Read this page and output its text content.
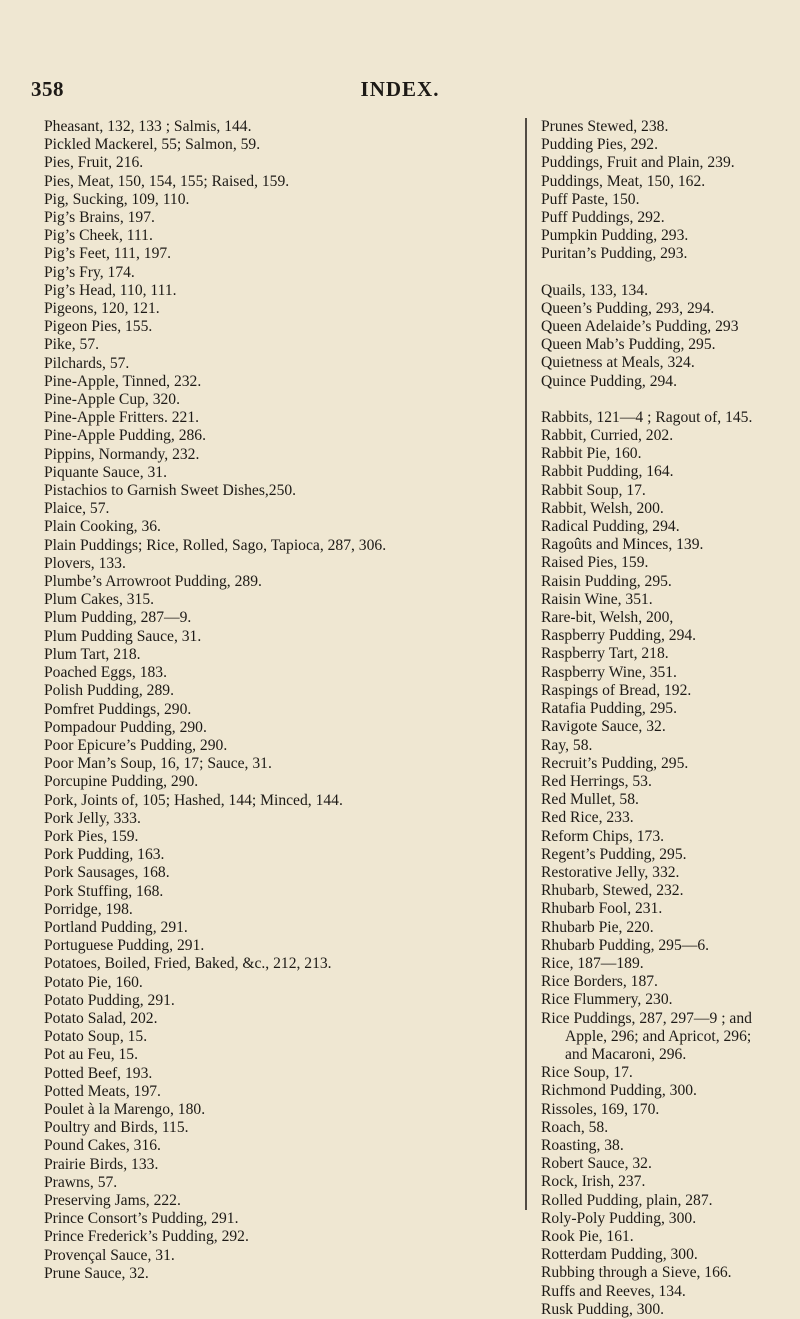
358	INDEX.
Pheasant, 132, 133 ; Salmis, 144.
Pickled Mackerel, 55; Salmon, 59.
Pies, Fruit, 216.
Pies, Meat, 150, 154, 155; Raised, 159.
Pig, Sucking, 109, 110.
Pig’s Brains, 197.
Pig’s Cheek, 111.
Pig’s Feet, 111, 197.
Pig’s Fry, 174.
Pig’s Head, 110, 111.
Pigeons, 120, 121.
Pigeon Pies, 155.
Pike, 57.
Pilchards, 57.
Pine-Apple, Tinned, 232.
Pine-Apple Cup, 320.
Pine-Apple Fritters. 221.
Pine-Apple Pudding, 286.
Pippins, Normandy, 232.
Piquante Sauce, 31.
Pistachios to Garnish Sweet Dishes,250.
Plaice, 57.
Plain Cooking, 36.
Plain Puddings; Rice, Rolled, Sago, Tapioca, 287, 306.
Plovers, 133.
Plumbe’s Arrowroot Pudding, 289.
Plum Cakes, 315.
Plum Pudding, 287—9.
Plum Pudding Sauce, 31.
Plum Tart, 218.
Poached Eggs, 183.
Polish Pudding, 289.
Pomfret Puddings, 290.
Pompadour Pudding, 290.
Poor Epicure’s Pudding, 290.
Poor Man’s Soup, 16, 17; Sauce, 31.
Porcupine Pudding, 290.
Pork, Joints of, 105; Hashed, 144; Minced, 144.
Pork Jelly, 333.
Pork Pies, 159.
Pork Pudding, 163.
Pork Sausages, 168.
Pork Stuffing, 168.
Porridge, 198.
Portland Pudding, 291.
Portuguese Pudding, 291.
Potatoes, Boiled, Fried, Baked, &c., 212, 213.
Potato Pie, 160.
Potato Pudding, 291.
Potato Salad, 202.
Potato Soup, 15.
Pot au Feu, 15.
Potted Beef, 193.
Potted Meats, 197.
Poulet à la Marengo, 180.
Poultry and Birds, 115.
Pound Cakes, 316.
Prairie Birds, 133.
Prawns, 57.
Preserving Jams, 222.
Prince Consort’s Pudding, 291.
Prince Frederick’s Pudding, 292.
Provençal Sauce, 31.
Prune Sauce, 32.
Prunes Stewed, 238.
Pudding Pies, 292.
Puddings, Fruit and Plain, 239.
Puddings, Meat, 150, 162.
Puff Paste, 150.
Puff Puddings, 292.
Pumpkin Pudding, 293.
Puritan’s Pudding, 293.
Quails, 133, 134.
Queen’s Pudding, 293, 294.
Queen Adelaide’s Pudding, 293
Queen Mab’s Pudding, 295.
Quietness at Meals, 324.
Quince Pudding, 294.
Rabbits, 121—4 ; Ragout of, 145.
Rabbit, Curried, 202.
Rabbit Pie, 160.
Rabbit Pudding, 164.
Rabbit Soup, 17.
Rabbit, Welsh, 200.
Radical Pudding, 294.
Ragoûts and Minces, 139.
Raised Pies, 159.
Raisin Pudding, 295.
Raisin Wine, 351.
Rare-bit, Welsh, 200,
Raspberry Pudding, 294.
Raspberry Tart, 218.
Raspberry Wine, 351.
Raspings of Bread, 192.
Ratafia Pudding, 295.
Ravigote Sauce, 32.
Ray, 58.
Recruit’s Pudding, 295.
Red Herrings, 53.
Red Mullet, 58.
Red Rice, 233.
Reform Chips, 173.
Regent’s Pudding, 295.
Restorative Jelly, 332.
Rhubarb, Stewed, 232.
Rhubarb Fool, 231.
Rhubarb Pie, 220.
Rhubarb Pudding, 295—6.
Rice, 187—189.
Rice Borders, 187.
Rice Flummery, 230.
Rice Puddings, 287, 297—9 ; and Apple, 296; and Apricot, 296; and Macaroni, 296.
Rice Soup, 17.
Richmond Pudding, 300.
Rissoles, 169, 170.
Roach, 58.
Roasting, 38.
Robert Sauce, 32.
Rock, Irish, 237.
Rolled Pudding, plain, 287.
Roly-Poly Pudding, 300.
Rook Pie, 161.
Rotterdam Pudding, 300.
Rubbing through a Sieve, 166.
Ruffs and Reeves, 134.
Rusk Pudding, 300.
